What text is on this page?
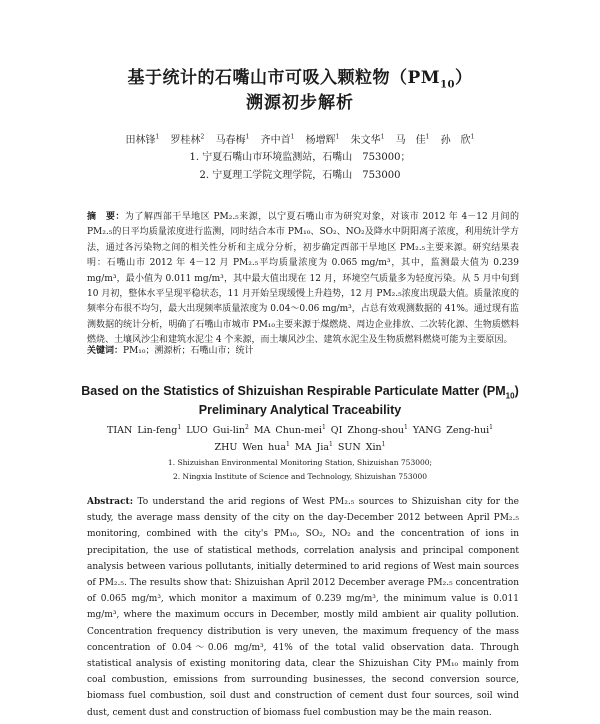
基于统计的石嘴山市可吸入颗粒物$(PM_{10})$
溯源初步解析
田林锋$^1$ 罗桂林$^2$ 马春梅$^1$ 齐中首$^1$ 杨增辉$^1$ 朱文华$^1$ 马　佳$^1$ 孙　欣$^1$
1. 宁夏石嘴山市环境监测站，石嘴山　753000；
2. 宁夏理工学院文理学院，石嘴山　753000
摘　要：为了解西部干旱地区 PM₂.₅来源，以宁夏石嘴山市为研究对象，对该市 2012 年 4－12 月间的 PM₂.₅的日平均质量浓度进行监测，同时结合本市 PM₁₀、SO₂、NO₂及降水中阴阳离子浓度，利用统计学方法，通过各污染物之间的相关性分析和主成分分析，初步确定西部干旱地区 PM₂.₅主要来源。研究结果表明：石嘴山市 2012 年 4－12 月 PM₂.₅平均质量浓度为 0.065 mg/m³，其中，监测最大值为 0.239 mg/m³，最小值为 0.011 mg/m³，其中最大值出现在 12 月，环境空气质量多为轻度污染。从 5 月中旬到 10 月初，整体水平呈现平稳状态，11 月开始呈现缓慢上升趋势，12 月 PM₂.₅浓度出现最大值。质量浓度的频率分布很不均匀，最大出现频率质量浓度为 0.04～0.06 mg/m³，占总有效观测数据的 41%。通过现有监测数据的统计分析，明确了石嘴山市城市 PM₁₀主要来源于煤燃烧、周边企业排放、二次转化源、生物质燃料燃烧、土壤风沙尘和建筑水泥尘 4 个来源，而土壤风沙尘、建筑水泥尘及生物质燃料燃烧可能为主要原因。
关键词：PM₁₀；溯源析；石嘴山市；统计
Based on the Statistics of Shizuishan Respirable Particulate Matter $(PM_{10})$
Preliminary Analytical Traceability
TIAN Lin-feng$^1$ LUO Gui-lin$^2$ MA Chun-mei$^1$ QI Zhong-shou$^1$ YANG Zeng-hui$^1$
ZHU Wen hua$^1$ MA Jia$^1$ SUN Xin$^1$
1. Shizuishan Environmental Monitoring Station, Shizuishan 753000;
2. Ningxia Institute of Science and Technology, Shizuishan 753000
Abstract: To understand the arid regions of West PM₂.₅ sources to Shizuishan city for the study, the average mass density of the city on the day-December 2012 between April PM₂.₅ monitoring, combined with the city's PM₁₀, SO₂, NO₂ and the concentration of ions in precipitation, the use of statistical methods, correlation analysis and principal component analysis between various pollutants, initially determined to arid regions of West main sources of PM₂.₅. The results show that: Shizuishan April 2012 December average PM₂.₅ concentration of 0.065 mg/m³, which monitor a maximum of 0.239 mg/m³, the minimum value is 0.011 mg/m³, where the maximum occurs in December, mostly mild ambient air quality pollution. Concentration frequency distribution is very uneven, the maximum frequency of the mass concentration of 0.04～0.06 mg/m³, 41% of the total valid observation data. Through statistical analysis of existing monitoring data, clear the Shizuishan City PM₁₀ mainly from coal combustion, emissions from surrounding businesses, the second conversion source, biomass fuel combustion, soil dust and construction of cement dust four sources, soil wind dust, cement dust and construction of biomass fuel combustion may be the main reason.
